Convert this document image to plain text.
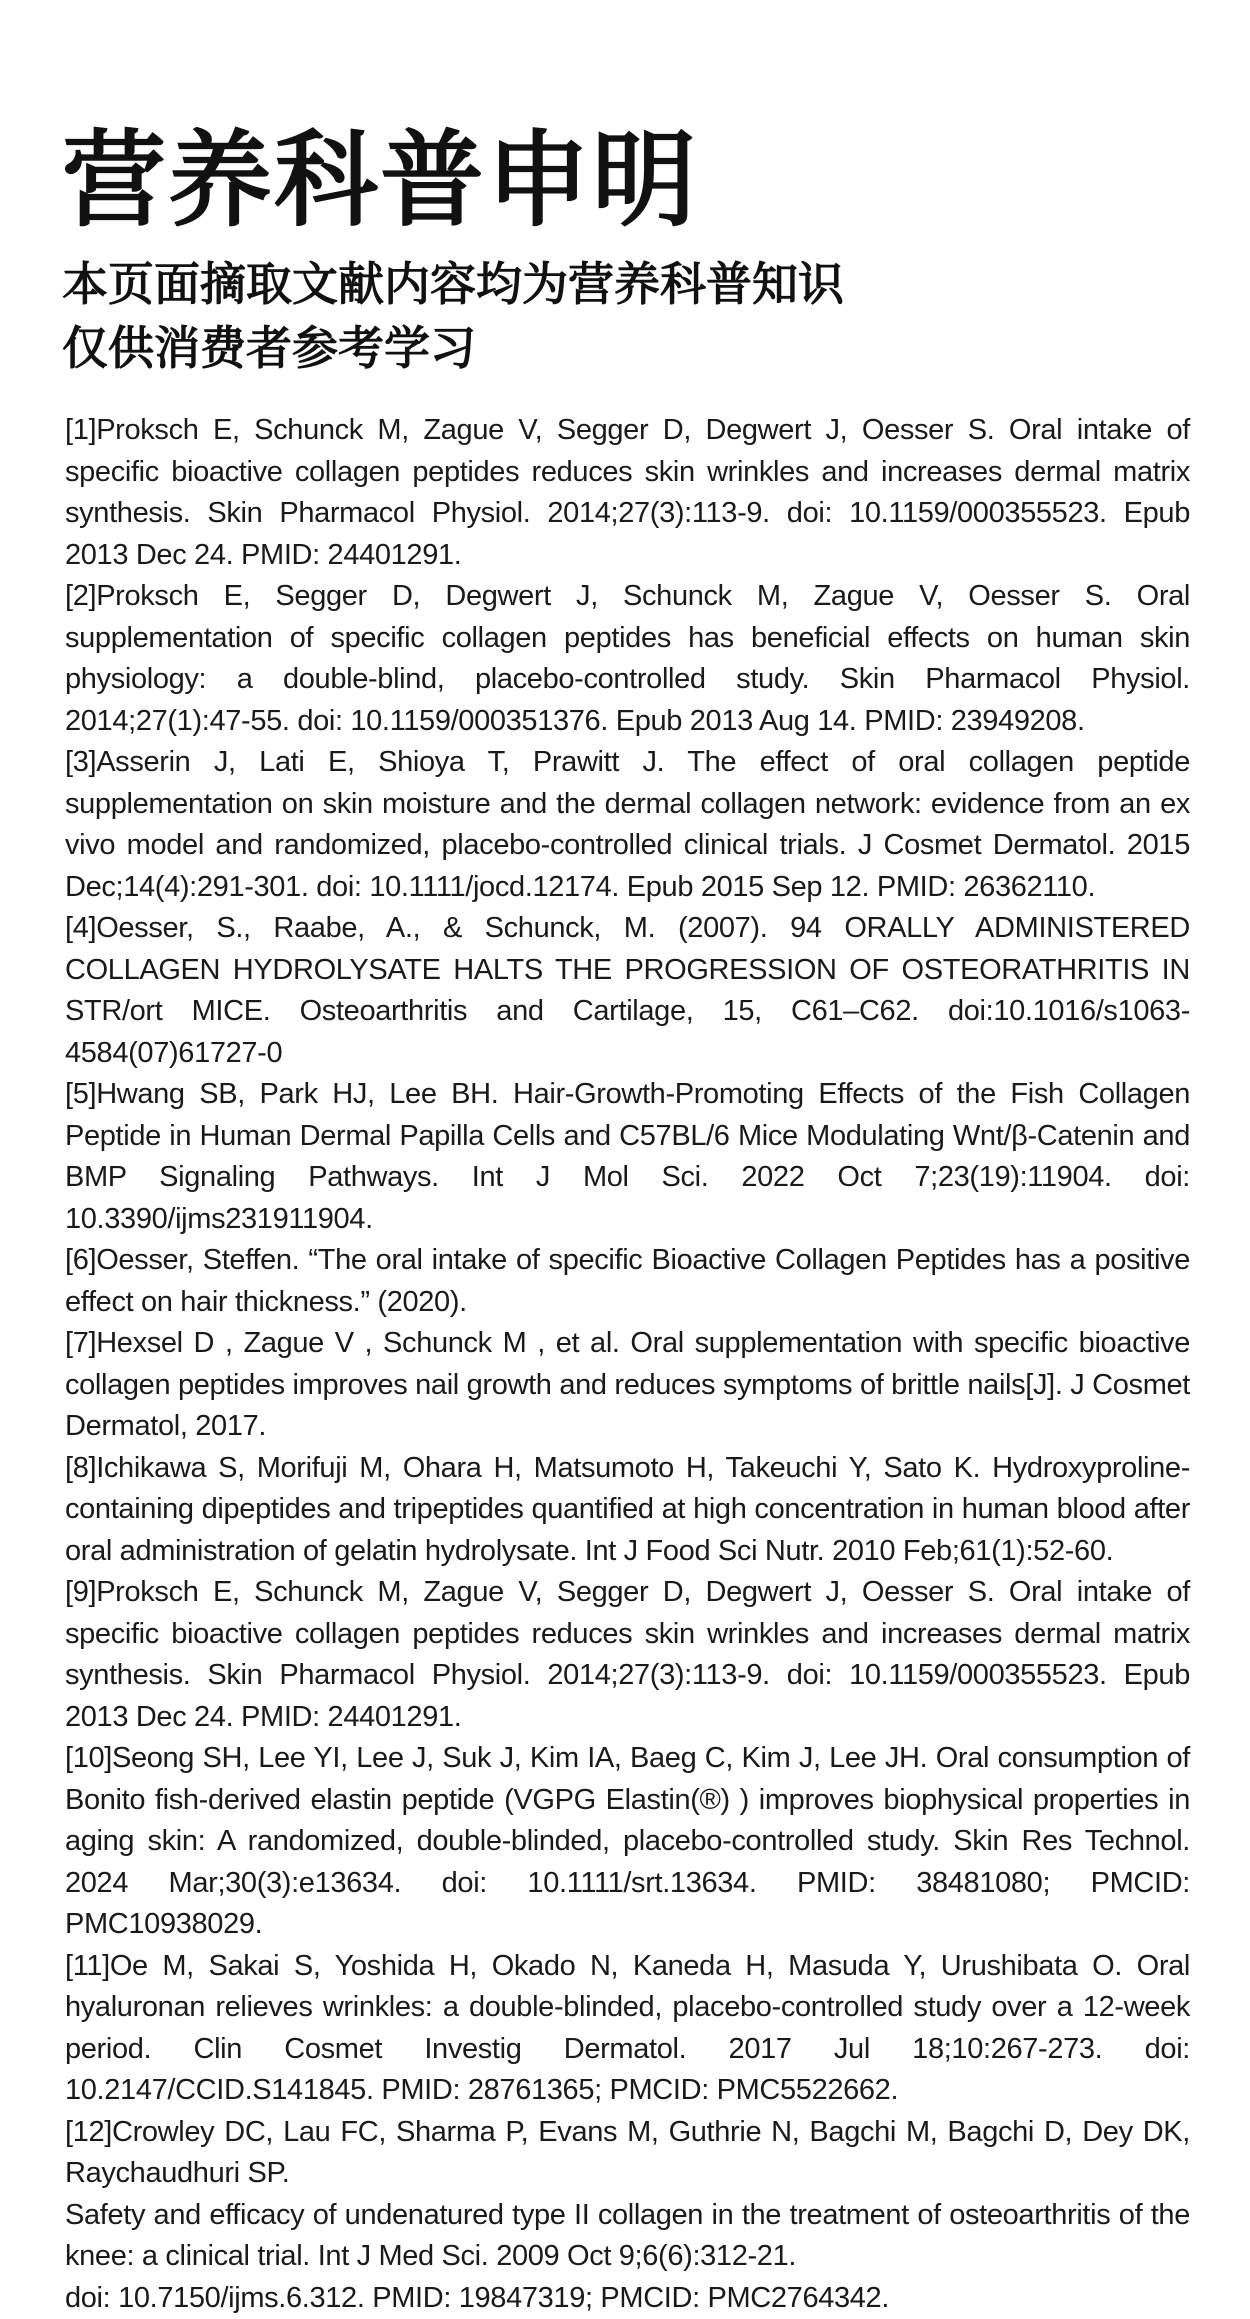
营养科普申明
本页面摘取文献内容均为营养科普知识
仅供消费者参考学习
[1]Proksch E, Schunck M, Zague V, Segger D, Degwert J, Oesser S. Oral intake of specific bioactive collagen peptides reduces skin wrinkles and increases dermal matrix synthesis. Skin Pharmacol Physiol. 2014;27(3):113-9. doi: 10.1159/000355523. Epub 2013 Dec 24. PMID: 24401291.
[2]Proksch E, Segger D, Degwert J, Schunck M, Zague V, Oesser S. Oral supplementation of specific collagen peptides has beneficial effects on human skin physiology: a double-blind, placebo-controlled study. Skin Pharmacol Physiol. 2014;27(1):47-55. doi: 10.1159/000351376. Epub 2013 Aug 14. PMID: 23949208.
[3]Asserin J, Lati E, Shioya T, Prawitt J. The effect of oral collagen peptide supplementation on skin moisture and the dermal collagen network: evidence from an ex vivo model and randomized, placebo-controlled clinical trials. J Cosmet Dermatol. 2015 Dec;14(4):291-301. doi: 10.1111/jocd.12174. Epub 2015 Sep 12. PMID: 26362110.
[4]Oesser, S., Raabe, A., & Schunck, M. (2007). 94 ORALLY ADMINISTERED COLLAGEN HYDROLYSATE HALTS THE PROGRESSION OF OSTEORATHRITIS IN STR/ort MICE. Osteoarthritis and Cartilage, 15, C61–C62. doi:10.1016/s1063-4584(07)61727-0
[5]Hwang SB, Park HJ, Lee BH. Hair-Growth-Promoting Effects of the Fish Collagen Peptide in Human Dermal Papilla Cells and C57BL/6 Mice Modulating Wnt/β-Catenin and BMP Signaling Pathways. Int J Mol Sci. 2022 Oct 7;23(19):11904. doi: 10.3390/ijms231911904.
[6]Oesser, Steffen. “The oral intake of specific Bioactive Collagen Peptides has a positive effect on hair thickness.” (2020).
[7]Hexsel D , Zague V , Schunck M , et al. Oral supplementation with specific bioactive collagen peptides improves nail growth and reduces symptoms of brittle nails[J]. J Cosmet Dermatol, 2017.
[8]Ichikawa S, Morifuji M, Ohara H, Matsumoto H, Takeuchi Y, Sato K. Hydroxyproline-containing dipeptides and tripeptides quantified at high concentration in human blood after oral administration of gelatin hydrolysate. Int J Food Sci Nutr. 2010 Feb;61(1):52-60.
[9]Proksch E, Schunck M, Zague V, Segger D, Degwert J, Oesser S. Oral intake of specific bioactive collagen peptides reduces skin wrinkles and increases dermal matrix synthesis. Skin Pharmacol Physiol. 2014;27(3):113-9. doi: 10.1159/000355523. Epub 2013 Dec 24. PMID: 24401291.
[10]Seong SH, Lee YI, Lee J, Suk J, Kim IA, Baeg C, Kim J, Lee JH. Oral consumption of Bonito fish-derived elastin peptide (VGPG Elastin(®) ) improves biophysical properties in aging skin: A randomized, double-blinded, placebo-controlled study. Skin Res Technol. 2024 Mar;30(3):e13634. doi: 10.1111/srt.13634. PMID: 38481080; PMCID: PMC10938029.
[11]Oe M, Sakai S, Yoshida H, Okado N, Kaneda H, Masuda Y, Urushibata O. Oral hyaluronan relieves wrinkles: a double-blinded, placebo-controlled study over a 12-week period. Clin Cosmet Investig Dermatol. 2017 Jul 18;10:267-273. doi: 10.2147/CCID.S141845. PMID: 28761365; PMCID: PMC5522662.
[12]Crowley DC, Lau FC, Sharma P, Evans M, Guthrie N, Bagchi M, Bagchi D, Dey DK, Raychaudhuri SP.
Safety and efficacy of undenatured type II collagen in the treatment of osteoarthritis of the knee: a clinical trial. Int J Med Sci. 2009 Oct 9;6(6):312-21.
doi: 10.7150/ijms.6.312. PMID: 19847319; PMCID: PMC2764342.
